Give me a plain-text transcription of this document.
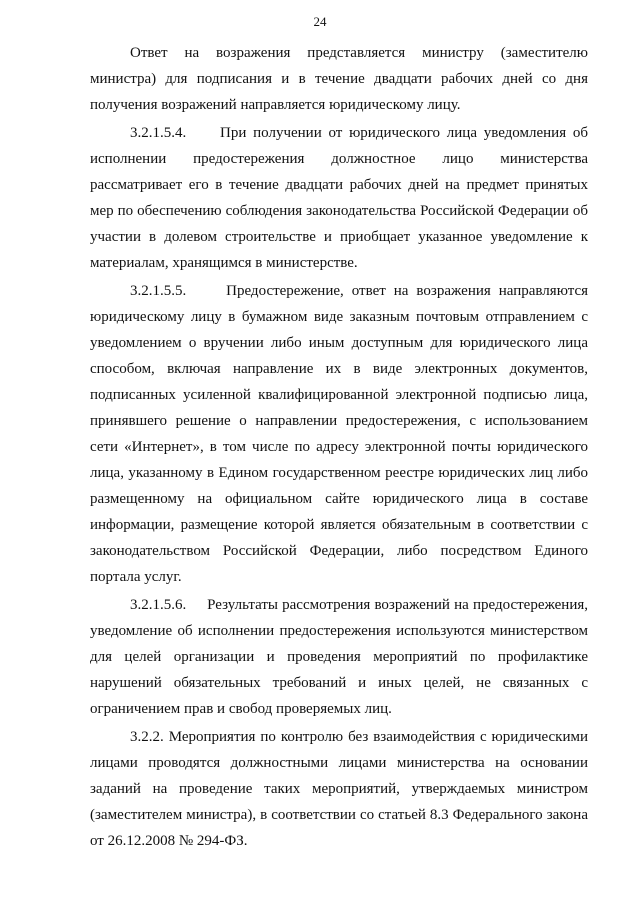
24

Ответ на возражения представляется министру (заместителю министра) для подписания и в течение двадцати рабочих дней со дня получения возражений направляется юридическому лицу.

3.2.1.5.4. При получении от юридического лица уведомления об исполнении предостережения должностное лицо министерства рассматривает его в течение двадцати рабочих дней на предмет принятых мер по обеспечению соблюдения законодательства Российской Федерации об участии в долевом строительстве и приобщает указанное уведомление к материалам, хранящимся в министерстве.

3.2.1.5.5.	Предостережение, ответ на возражения направляются юридическому лицу в бумажном виде заказным почтовым отправлением с уведомлением о вручении либо иным доступным для юридического лица способом, включая направление их в виде электронных документов, подписанных усиленной квалифицированной электронной подписью лица, принявшего решение о направлении предостережения, с использованием сети «Интернет», в том числе по адресу электронной почты юридического лица, указанному в Едином государственном реестре юридических лиц либо размещенному на официальном сайте юридического лица в составе информации, размещение которой является обязательным в соответствии с законодательством Российской Федерации, либо посредством Единого портала услуг.

3.2.1.5.6. Результаты рассмотрения возражений на предостережения, уведомление об исполнении предостережения используются министерством для целей организации и проведения мероприятий по профилактике нарушений обязательных требований и иных целей, не связанных с ограничением прав и свобод проверяемых лиц.

3.2.2. Мероприятия по контролю без взаимодействия с юридическими лицами проводятся должностными лицами министерства на основании заданий на проведение таких мероприятий, утверждаемых министром (заместителем министра), в соответствии со статьей 8.3 Федерального закона от 26.12.2008 № 294-ФЗ.
